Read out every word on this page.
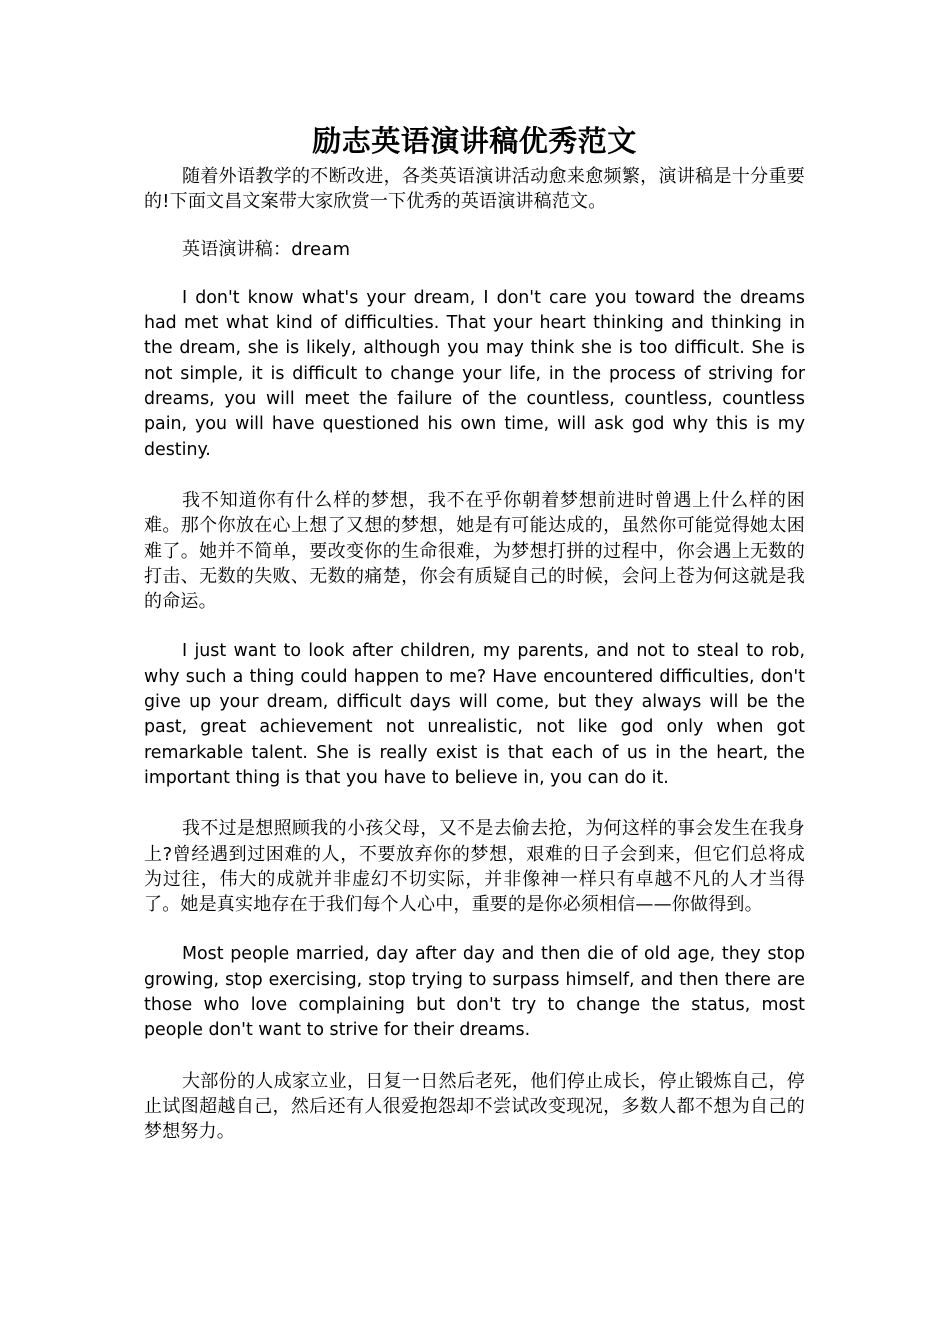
励志英语演讲稿优秀范文

随着外语教学的不断改进，各类英语演讲活动愈来愈频繁，演讲稿是十分重要的!下面文昌文案带大家欣赏一下优秀的英语演讲稿范文。

英语演讲稿：dream

I don't know what's your dream, I don't care you toward the dreams had met what kind of difficulties. That your heart thinking and thinking in the dream, she is likely, although you may think she is too difficult. She is not simple, it is difficult to change your life, in the process of striving for dreams, you will meet the failure of the countless, countless, countless pain, you will have questioned his own time, will ask god why this is my destiny.

我不知道你有什么样的梦想，我不在乎你朝着梦想前进时曾遇上什么样的困难。那个你放在心上想了又想的梦想，她是有可能达成的，虽然你可能觉得她太困难了。她并不简单，要改变你的生命很难，为梦想打拼的过程中，你会遇上无数的打击、无数的失败、无数的痛楚，你会有质疑自己的时候，会问上苍为何这就是我的命运。

I just want to look after children, my parents, and not to steal to rob, why such a thing could happen to me? Have encountered difficulties, don't give up your dream, difficult days will come, but they always will be the past, great achievement not unrealistic, not like god only when got remarkable talent. She is really exist is that each of us in the heart, the important thing is that you have to believe in, you can do it.

我不过是想照顾我的小孩父母，又不是去偷去抢，为何这样的事会发生在我身上?曾经遇到过困难的人，不要放弃你的梦想，艰难的日子会到来，但它们总将成为过往，伟大的成就并非虚幻不切实际，并非像神一样只有卓越不凡的人才当得了。她是真实地存在于我们每个人心中，重要的是你必须相信——你做得到。

Most people married, day after day and then die of old age, they stop growing, stop exercising, stop trying to surpass himself, and then there are those who love complaining but don't try to change the status, most people don't want to strive for their dreams.

大部份的人成家立业，日复一日然后老死，他们停止成长，停止锻炼自己，停止试图超越自己，然后还有人很爱抱怨却不尝试改变现况，多数人都不想为自己的梦想努力。
